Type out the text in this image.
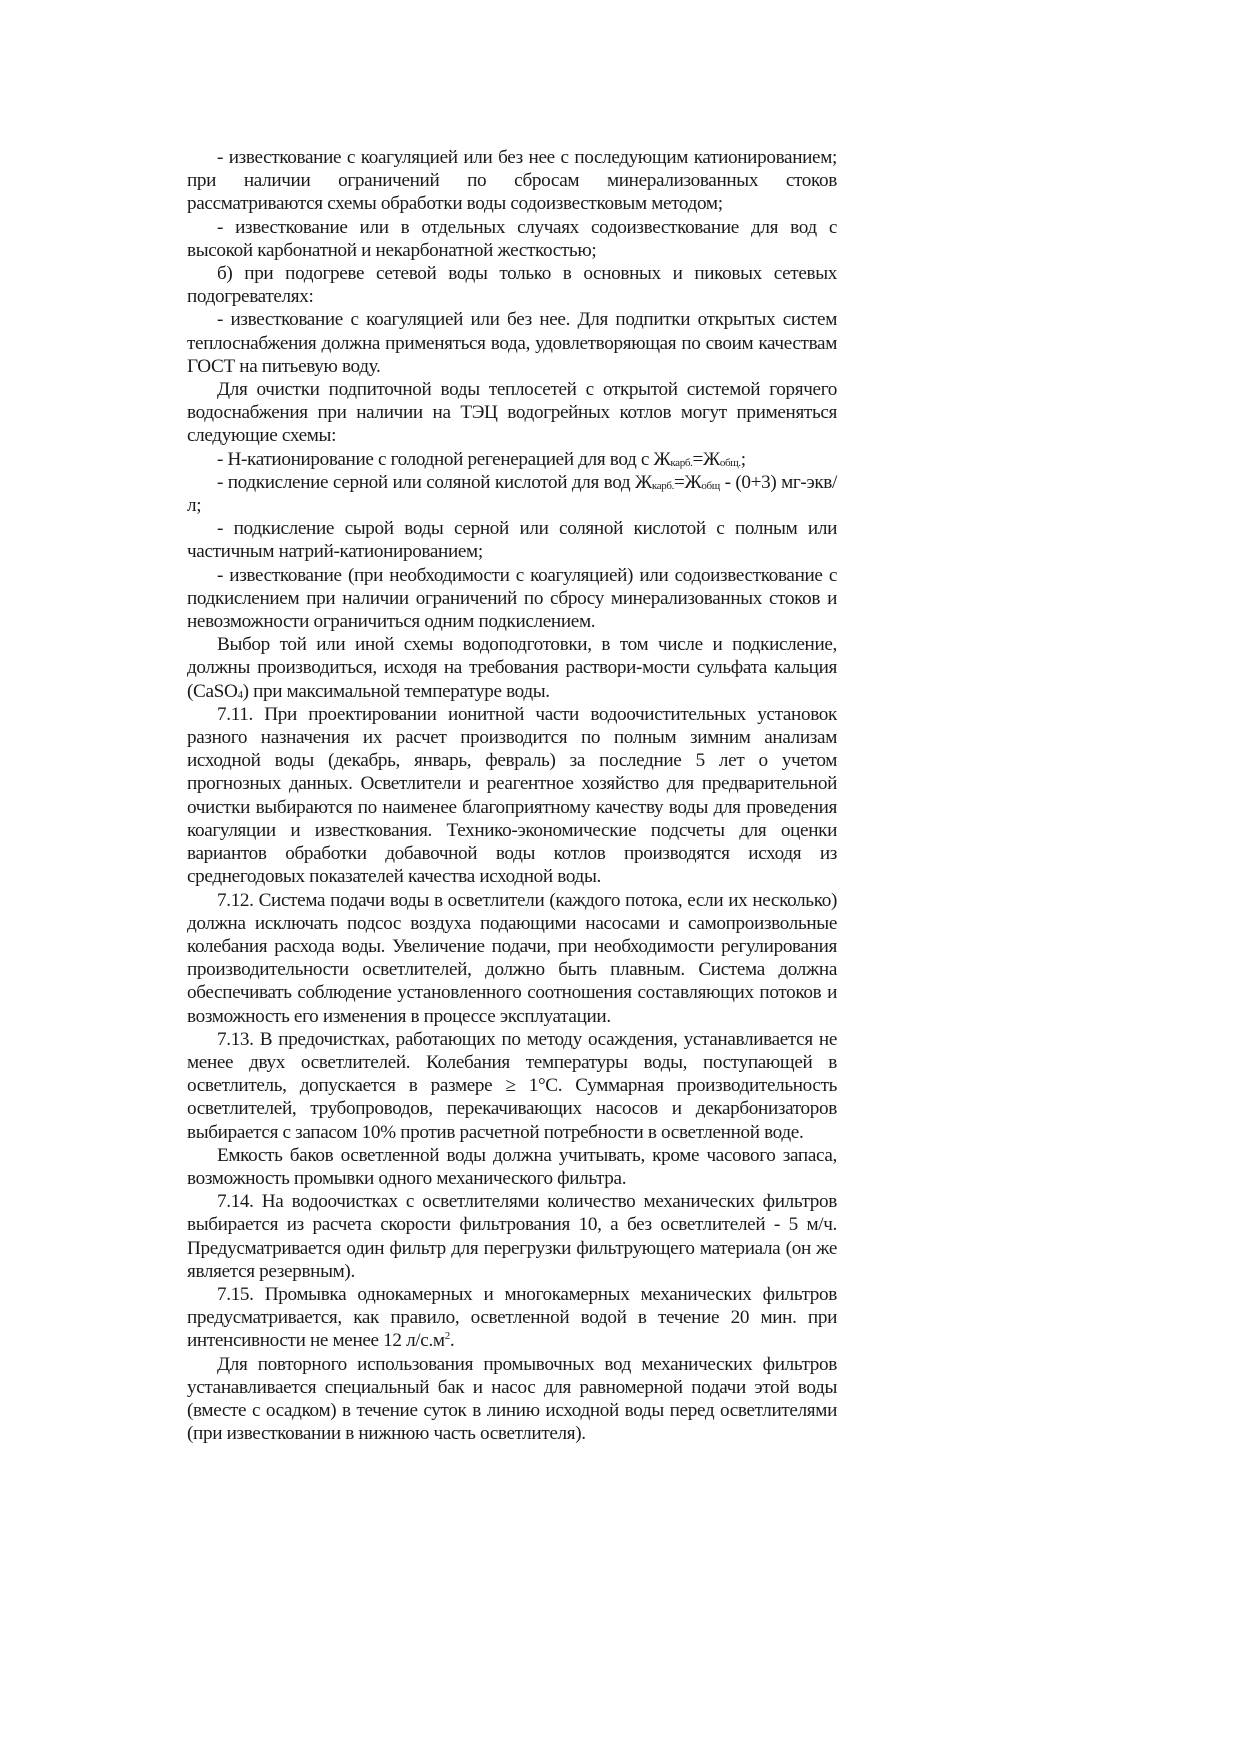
- известкование с коагуляцией или без нее с последующим катионированием; при наличии ограничений по сбросам минерализованных стоков рассматриваются схемы обработки воды содоизвестковым методом;

- известкование или в отдельных случаях содоизвесткование для вод с высокой карбонатной и некарбонатной жесткостью;

б) при подогреве сетевой воды только в основных и пиковых сетевых подогревателях:

- известкование с коагуляцией или без нее. Для подпитки открытых систем теплоснабжения должна применяться вода, удовлетворяющая по своим качествам ГОСТ на питьевую воду.

Для очистки подпиточной воды теплосетей с открытой системой горячего водоснабжения при наличии на ТЭЦ водогрейных котлов могут применяться следующие схемы:

- Н-катионирование с голодной регенерацией для вод с $Ж_{карб.}=Ж_{общ.}$;

- подкисление серной или соляной кислотой для вод $Ж_{карб.}=Ж_{общ} - (0+3)$ мг-экв/л;

- подкисление сырой воды серной или соляной кислотой с полным или частичным натрий-катионированием;

- известкование (при необходимости с коагуляцией) или содоизвесткование с подкислением при наличии ограничений по сбросу минерализованных стоков и невозможности ограничиться одним подкислением.

Выбор той или иной схемы водоподготовки, в том числе и подкисление, должны производиться, исходя на требования раствори-мости сульфата кальция (CaSO$_4$) при максимальной температуре воды.

7.11. При проектировании ионитной части водоочистительных установок разного назначения их расчет производится по полным зимним анализам исходной воды (декабрь, январь, февраль) за последние 5 лет о учетом прогнозных данных. Осветлители и реагентное хозяйство для предварительной очистки выбираются по наименее благоприятному качеству воды для проведения коагуляции и известкования. Технико-экономические подсчеты для оценки вариантов обработки добавочной воды котлов производятся исходя из среднегодовых показателей качества исходной воды.

7.12. Система подачи воды в осветлители (каждого потока, если их несколько) должна исключать подсос воздуха подающими насосами и самопроизвольные колебания расхода воды. Увеличение подачи, при необходимости регулирования производительности осветлителей, должно быть плавным. Система должна обеспечивать соблюдение установленного соотношения составляющих потоков и возможность его изменения в процессе эксплуатации.

7.13. В предочистках, работающих по методу осаждения, устанавливается не менее двух осветлителей. Колебания температуры воды, поступающей в осветлитель, допускается в размере ≥ 1°С. Суммарная производительность осветлителей, трубопроводов, перекачивающих насосов и декарбонизаторов выбирается с запасом 10% против расчетной потребности в осветленной воде.

Емкость баков осветленной воды должна учитывать, кроме часового запаса, возможность промывки одного механического фильтра.

7.14. На водоочистках с осветлителями количество механических фильтров выбирается из расчета скорости фильтрования 10, а без осветлителей - 5 м/ч. Предусматривается один фильтр для перегрузки фильтрующего материала (он же является резервным).

7.15. Промывка однокамерных и многокамерных механических фильтров предусматривается, как правило, осветленной водой в течение 20 мин. при интенсивности не менее 12 $л/с.м^2$.

Для повторного использования промывочных вод механических фильтров устанавливается специальный бак и насос для равномерной подачи этой воды (вместе с осадком) в течение суток в линию исходной воды перед осветлителями (при известковании в нижнюю часть осветлителя).
